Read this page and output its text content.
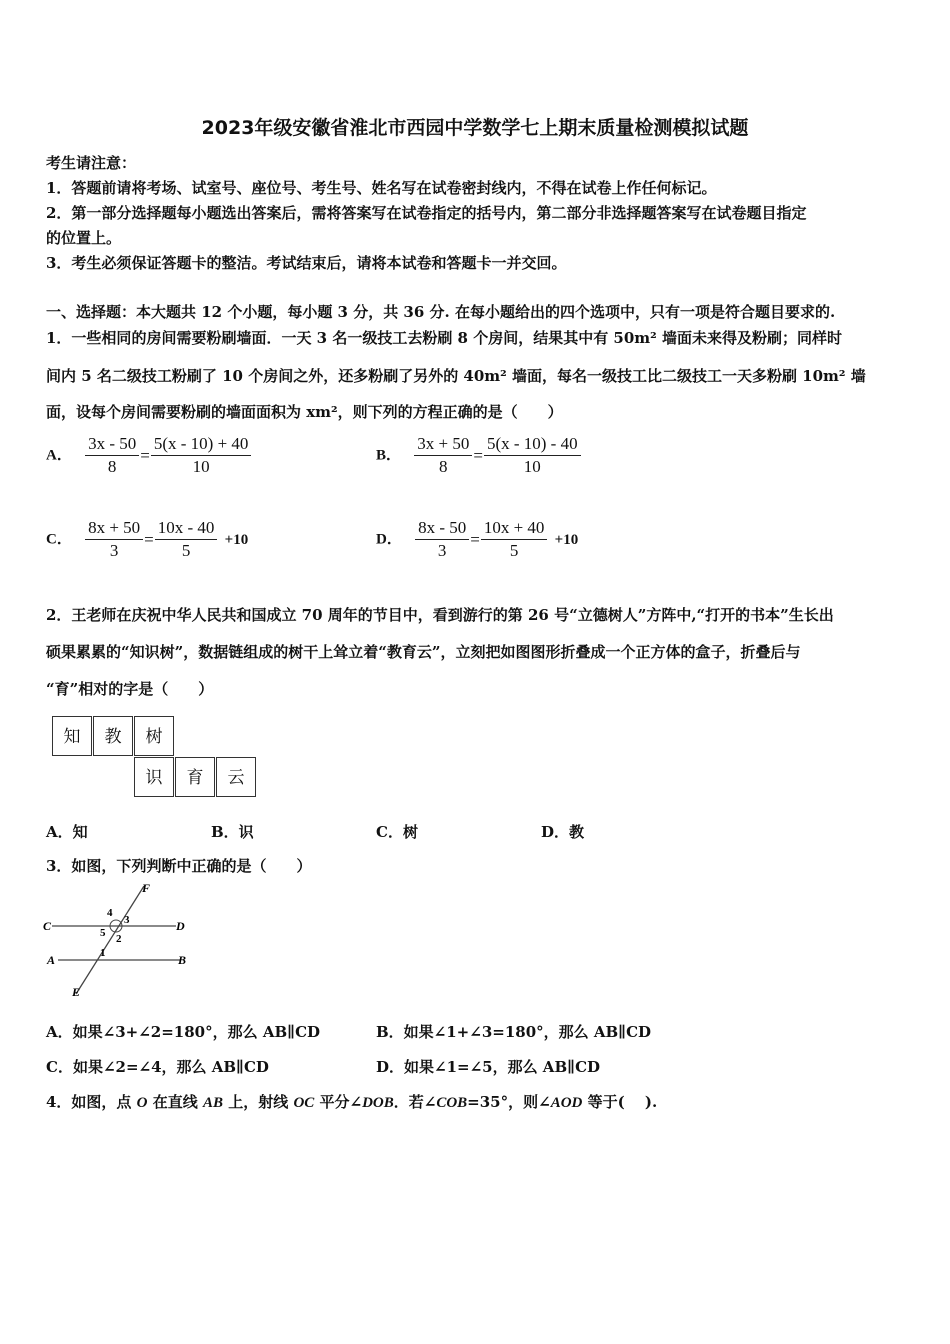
2023年级安徽省淮北市西园中学数学七上期末质量检测模拟试题
考生请注意：
1．答题前请将考场、试室号、座位号、考生号、姓名写在试卷密封线内，不得在试卷上作任何标记。
2．第一部分选择题每小题选出答案后，需将答案写在试卷指定的括号内，第二部分非选择题答案写在试卷题目指定
的位置上。
3．考生必须保证答题卡的整洁。考试结束后，请将本试卷和答题卡一并交回。
一、选择题：本大题共 12 个小题，每小题 3 分，共 36 分. 在每小题给出的四个选项中，只有一项是符合题目要求的.
1．一些相同的房间需要粉刷墙面．一天 3 名一级技工去粉刷 8 个房间，结果其中有 50m² 墙面未来得及粉刷；同样时
间内 5 名二级技工粉刷了 10 个房间之外，还多粉刷了另外的 40m² 墙面，每名一级技工比二级技工一天多粉刷 10m² 墙
面，设每个房间需要粉刷的墙面面积为 xm²，则下列的方程正确的是（　　）
A． $\frac{3x - 50}{8} = \frac{5(x - 10) + 40}{10}$	B． $\frac{3x + 50}{8} = \frac{5(x - 10) - 40}{10}$
C． $\frac{8x + 50}{3} = \frac{10x - 40}{5} +10$	D． $\frac{8x - 50}{3} = \frac{10x + 40}{5} +10$
2．王老师在庆祝中华人民共和国成立 70 周年的节目中，看到游行的第 26 号“立德树人”方阵中,“打开的书本”生长出
硕果累累的“知识树”，数据链组成的树干上耸立着“教育云”，立刻把如图图形折叠成一个正方体的盒子，折叠后与
“育”相对的字是（　　）
知	教	树
识	育	云
A．知	B．识	C．树	D．教
3．如图，下列判断中正确的是（　　）
F
C	D
A	B
E
4
3
5 2
1
A．如果∠3+∠2=180°，那么 AB∥CD	B．如果∠1+∠3=180°，那么 AB∥CD
C．如果∠2=∠4，那么 AB∥CD	D．如果∠1=∠5，那么 AB∥CD
4．如图，点 O 在直线 AB 上，射线 OC 平分∠DOB．若∠COB=35°，则∠AOD 等于(　 ).
